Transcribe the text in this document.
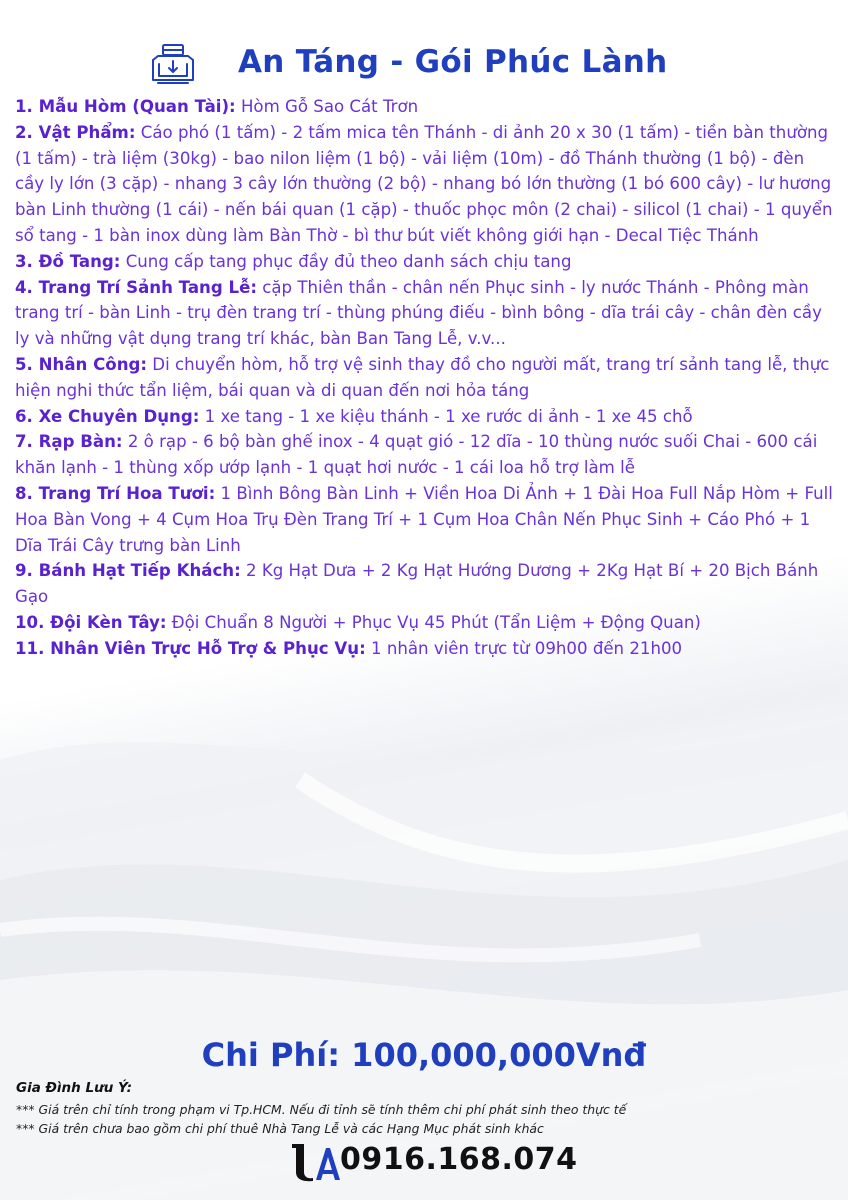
An Táng - Gói Phúc Lành

1. Mẫu Hòm (Quan Tài): Hòm Gỗ Sao Cát Trơn

2. Vật Phẩm: Cáo phó (1 tấm) - 2 tấm mica tên Thánh - di ảnh 20 x 30 (1 tấm) - tiền bàn thường (1 tấm) - trà liệm (30kg) - bao nilon liệm (1 bộ) - vải liệm (10m) - đồ Thánh thường (1 bộ) - đèn cầy ly lớn (3 cặp) - nhang 3 cây lớn thường (2 bộ) - nhang bó lớn thường (1 bó 600 cây) - lư hương bàn Linh thường (1 cái) - nến bái quan (1 cặp) - thuốc phọc môn (2 chai) - silicol (1 chai) - 1 quyển sổ tang - 1 bàn inox dùng làm Bàn Thờ - bì thư bút viết không giới hạn - Decal Tiệc Thánh

3. Đồ Tang: Cung cấp tang phục đầy đủ theo danh sách chịu tang

4. Trang Trí Sảnh Tang Lễ: cặp Thiên thần - chân nến Phục sinh - ly nước Thánh - Phông màn trang trí - bàn Linh - trụ đèn trang trí - thùng phúng điếu - bình bông - dĩa trái cây - chân đèn cầy ly và những vật dụng trang trí khác, bàn Ban Tang Lễ, v.v...

5. Nhân Công: Di chuyển hòm, hỗ trợ vệ sinh thay đồ cho người mất, trang trí sảnh tang lễ, thực hiện nghi thức tẩn liệm, bái quan và di quan đến nơi hỏa táng

6. Xe Chuyên Dụng: 1 xe tang - 1 xe kiệu thánh - 1 xe rước di ảnh - 1 xe 45 chỗ

7. Rạp Bàn: 2 ô rạp - 6 bộ bàn ghế inox - 4 quạt gió - 12 dĩa - 10 thùng nước suối Chai - 600 cái khăn lạnh - 1 thùng xốp ướp lạnh - 1 quạt hơi nước - 1 cái loa hỗ trợ làm lễ

8. Trang Trí Hoa Tươi: 1 Bình Bông Bàn Linh + Viền Hoa Di Ảnh + 1 Đài Hoa Full Nắp Hòm + Full Hoa Bàn Vong + 4 Cụm Hoa Trụ Đèn Trang Trí + 1 Cụm Hoa Chân Nến Phục Sinh + Cáo Phó + 1 Dĩa Trái Cây trưng bàn Linh

9. Bánh Hạt Tiếp Khách: 2 Kg Hạt Dưa + 2 Kg Hạt Hướng Dương + 2Kg Hạt Bí + 20 Bịch Bánh Gạo

10. Đội Kèn Tây: Đội Chuẩn 8 Người + Phục Vụ 45 Phút (Tẩn Liệm + Động Quan)

11. Nhân Viên Trực Hỗ Trợ & Phục Vụ: 1 nhân viên trực từ 09h00 đến 21h00

Chi Phí: 100,000,000Vnđ
Gia Đình Lưu Ý:
*** Giá trên chỉ tính trong phạm vi Tp.HCM. Nếu đi tỉnh sẽ tính thêm chi phí phát sinh theo thực tế
*** Giá trên chưa bao gồm chi phí thuê Nhà Tang Lễ và các Hạng Mục phát sinh khác
0916.168.074
